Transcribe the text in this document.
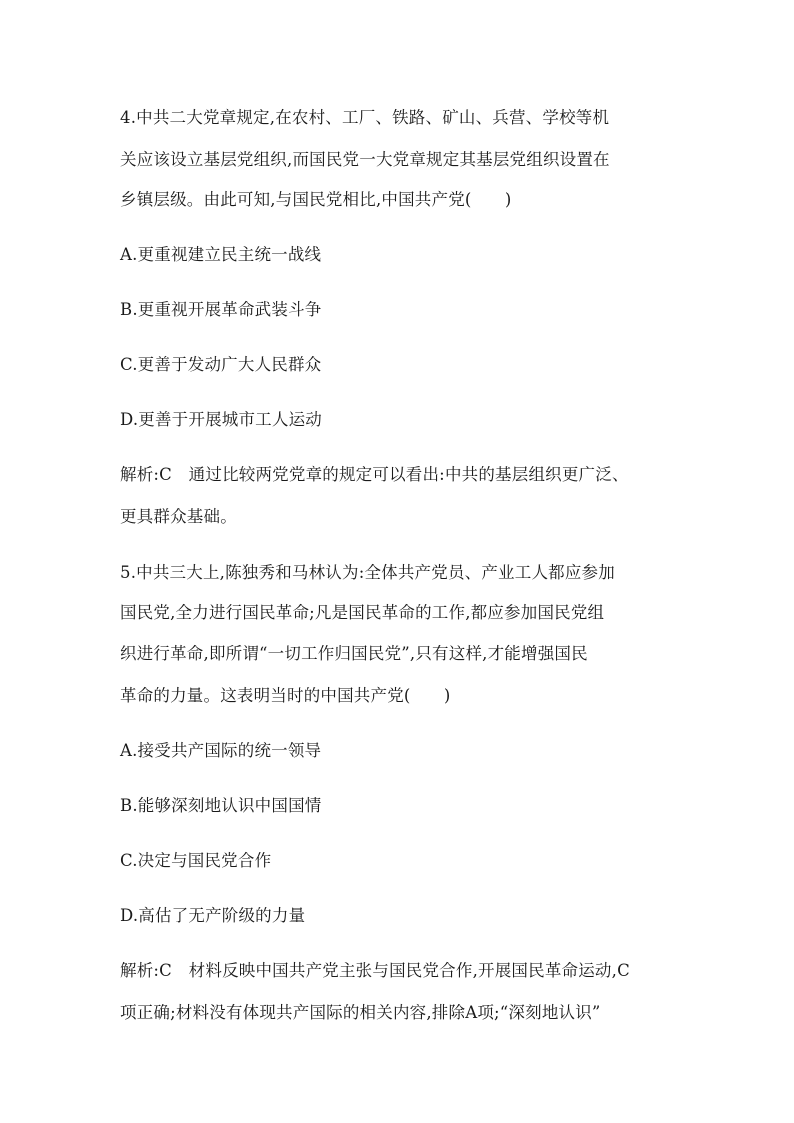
4.中共二大党章规定,在农村、工厂、铁路、矿山、兵营、学校等机
关应该设立基层党组织,而国民党一大党章规定其基层党组织设置在
乡镇层级。由此可知,与国民党相比,中国共产党(　　)
A.更重视建立民主统一战线
B.更重视开展革命武装斗争
C.更善于发动广大人民群众
D.更善于开展城市工人运动
解析:C　通过比较两党党章的规定可以看出:中共的基层组织更广泛、
更具群众基础。
5.中共三大上,陈独秀和马林认为:全体共产党员、产业工人都应参加
国民党,全力进行国民革命;凡是国民革命的工作,都应参加国民党组
织进行革命,即所谓“一切工作归国民党”,只有这样,才能增强国民
革命的力量。这表明当时的中国共产党(　　)
A.接受共产国际的统一领导
B.能够深刻地认识中国国情
C.决定与国民党合作
D.高估了无产阶级的力量
解析:C　材料反映中国共产党主张与国民党合作,开展国民革命运动,C
项正确;材料没有体现共产国际的相关内容,排除A项;“深刻地认识”
